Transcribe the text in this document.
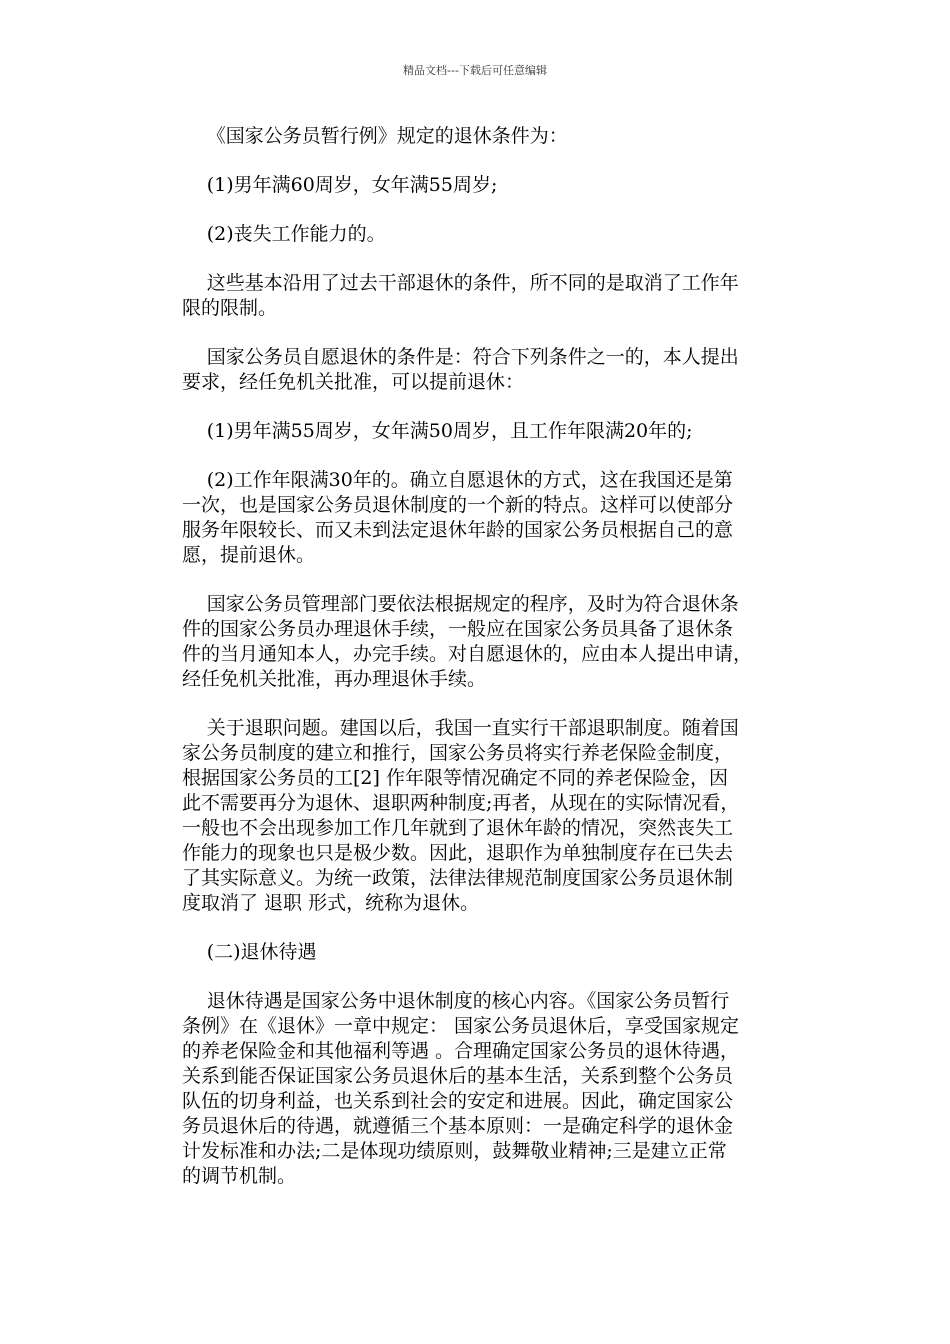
精品文档---下载后可任意编辑
《国家公务员暂行例》规定的退休条件为：
(1)男年满60周岁，女年满55周岁;
(2)丧失工作能力的。
这些基本沿用了过去干部退休的条件，所不同的是取消了工作年
限的限制。
国家公务员自愿退休的条件是：符合下列条件之一的，本人提出
要求，经任免机关批准，可以提前退休：
(1)男年满55周岁，女年满50周岁，且工作年限满20年的;
(2)工作年限满30年的。确立自愿退休的方式，这在我国还是第
一次，也是国家公务员退休制度的一个新的特点。这样可以使部分
服务年限较长、而又未到法定退休年龄的国家公务员根据自己的意
愿，提前退休。
国家公务员管理部门要依法根据规定的程序，及时为符合退休条
件的国家公务员办理退休手续，一般应在国家公务员具备了退休条
件的当月通知本人，办完手续。对自愿退休的，应由本人提出申请，
经任免机关批准，再办理退休手续。
关于退职问题。建国以后，我国一直实行干部退职制度。随着国
家公务员制度的建立和推行，国家公务员将实行养老保险金制度，
根据国家公务员的工[2] 作年限等情况确定不同的养老保险金，因
此不需要再分为退休、退职两种制度;再者，从现在的实际情况看，
一般也不会出现参加工作几年就到了退休年龄的情况，突然丧失工
作能力的现象也只是极少数。因此，退职作为单独制度存在已失去
了其实际意义。为统一政策，法律法律规范制度国家公务员退休制
度取消了 退职 形式，统称为退休。
(二)退休待遇
退休待遇是国家公务中退休制度的核心内容。《国家公务员暂行
条例》在《退休》一章中规定： 国家公务员退休后，享受国家规定
的养老保险金和其他福利等遇 。合理确定国家公务员的退休待遇，
关系到能否保证国家公务员退休后的基本生活，关系到整个公务员
队伍的切身利益，也关系到社会的安定和进展。因此，确定国家公
务员退休后的待遇，就遵循三个基本原则：一是确定科学的退休金
计发标准和办法;二是体现功绩原则，鼓舞敬业精神;三是建立正常
的调节机制。
